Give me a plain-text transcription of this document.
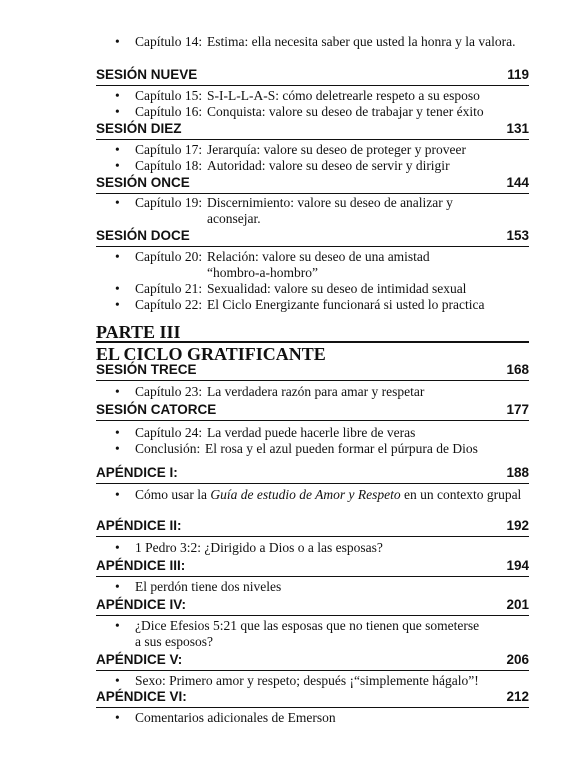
• Capítulo 14: Estima: ella necesita saber que usted la honra y la valora.
SESIÓN NUEVE	119
• Capítulo 15: S-I-L-L-A-S: cómo deletrearle respeto a su esposo
• Capítulo 16: Conquista: valore su deseo de trabajar y tener éxito
SESIÓN DIEZ	131
• Capítulo 17: Jerarquía: valore su deseo de proteger y proveer
• Capítulo 18: Autoridad: valore su deseo de servir y dirigir
SESIÓN ONCE	144
• Capítulo 19: Discernimiento: valore su deseo de analizar y aconsejar.
SESIÓN DOCE	153
• Capítulo 20: Relación: valore su deseo de una amistad “hombro-a-hombro”
• Capítulo 21: Sexualidad: valore su deseo de intimidad sexual
• Capítulo 22: El Ciclo Energizante funcionará si usted lo practica
PARTE III
EL CICLO GRATIFICANTE
SESIÓN TRECE	168
• Capítulo 23: La verdadera razón para amar y respetar
SESIÓN CATORCE	177
• Capítulo 24: La verdad puede hacerle libre de veras
• Conclusión: El rosa y el azul pueden formar el púrpura de Dios
APÉNDICE I:	188
• Cómo usar la Guía de estudio de Amor y Respeto en un contexto grupal
APÉNDICE II:	192
• 1 Pedro 3:2: ¿Dirigido a Dios o a las esposas?
APÉNDICE III:	194
• El perdón tiene dos niveles
APÉNDICE IV:	201
• ¿Dice Efesios 5:21 que las esposas que no tienen que someterse a sus esposos?
APÉNDICE V:	206
• Sexo: Primero amor y respeto; después ¡“simplemente hágalo”!
APÉNDICE VI:	212
• Comentarios adicionales de Emerson
